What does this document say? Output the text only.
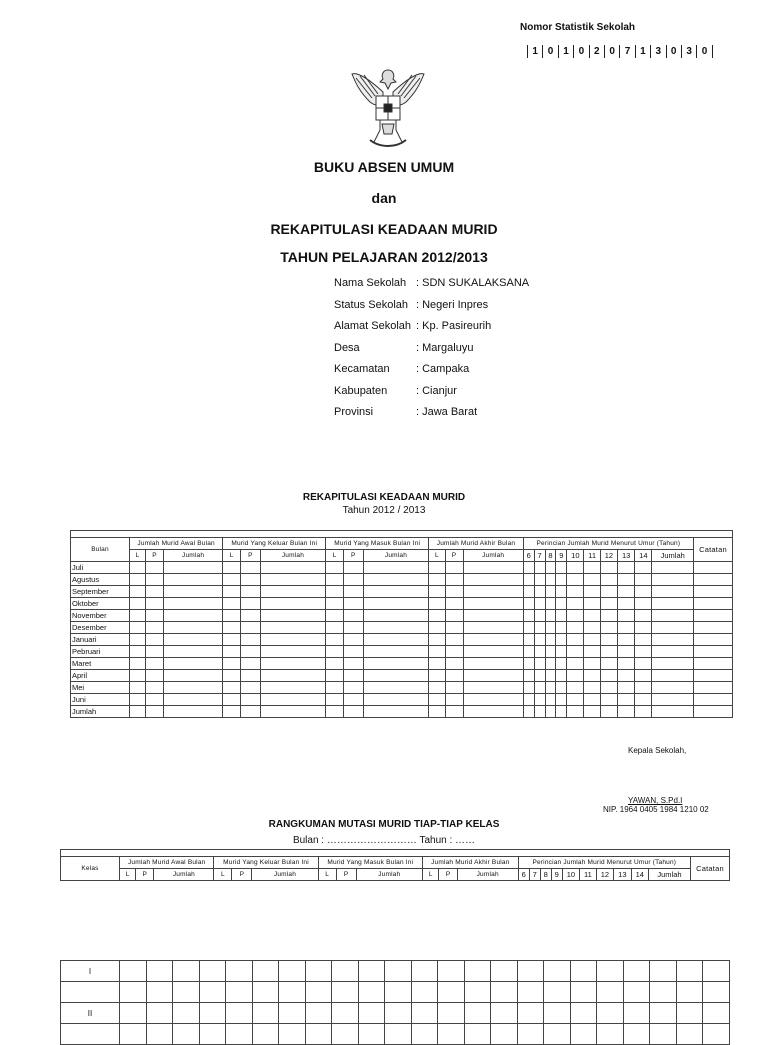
Nomor Statistik Sekolah
1 0 1 0 2 0 7 1 3 0 3 0
BUKU ABSEN UMUM
dan
REKAPITULASI KEADAAN MURID
TAHUN PELAJARAN 2012/2013
Nama Sekolah : SDN SUKALAKSANA
Status Sekolah : Negeri Inpres
Alamat Sekolah : Kp. Pasireurih
Desa	: Margaluyu
Kecamatan : Campaka
Kabupaten	: Cianjur
Provinsi	: Jawa Barat
REKAPITULASI KEADAAN MURID
Tahun 2012 / 2013

Bulan	Jumlah Murid Awal Bulan			Murid Yang Keluar Bulan Ini			Murid Yang Masuk Bulan Ini			Jumlah Murid Akhir Bulan			Perincian Jumlah Murid Menurut Umur (Tahun)										Catatan
	L	P	Jumlah	L	P	Jumlah	L	P	Jumlah	L	P	Jumlah	6	7	8	9	10	11	12	13	14	Jumlah	
Juli																							
Agustus																							
September																							
Oktober																							
November																							
Desember																							
Januari																							
Pebruari																							
Maret																							
April																							
Mei																							
Juni																							
Jumlah																							
Kepala Sekolah,
YAWAN, S.Pd.I
NIP. 1964 0405 1984 1210 02
RANGKUMAN MUTASI MURID TIAP-TIAP KELAS
Bulan : ……………………… Tahun : ……

Kelas	Jumlah Murid Awal Bulan			Murid Yang Keluar Bulan Ini			Murid Yang Masuk Bulan Ini			Jumlah Murid Akhir Bulan			Perincian Jumlah Murid Menurut Umur (Tahun)										Catatan
	L	P	Jumlah	L	P	Jumlah	L	P	Jumlah	L	P	Jumlah	6	7	8	9	10	11	12	13	14	Jumlah	
I																							

II																							
